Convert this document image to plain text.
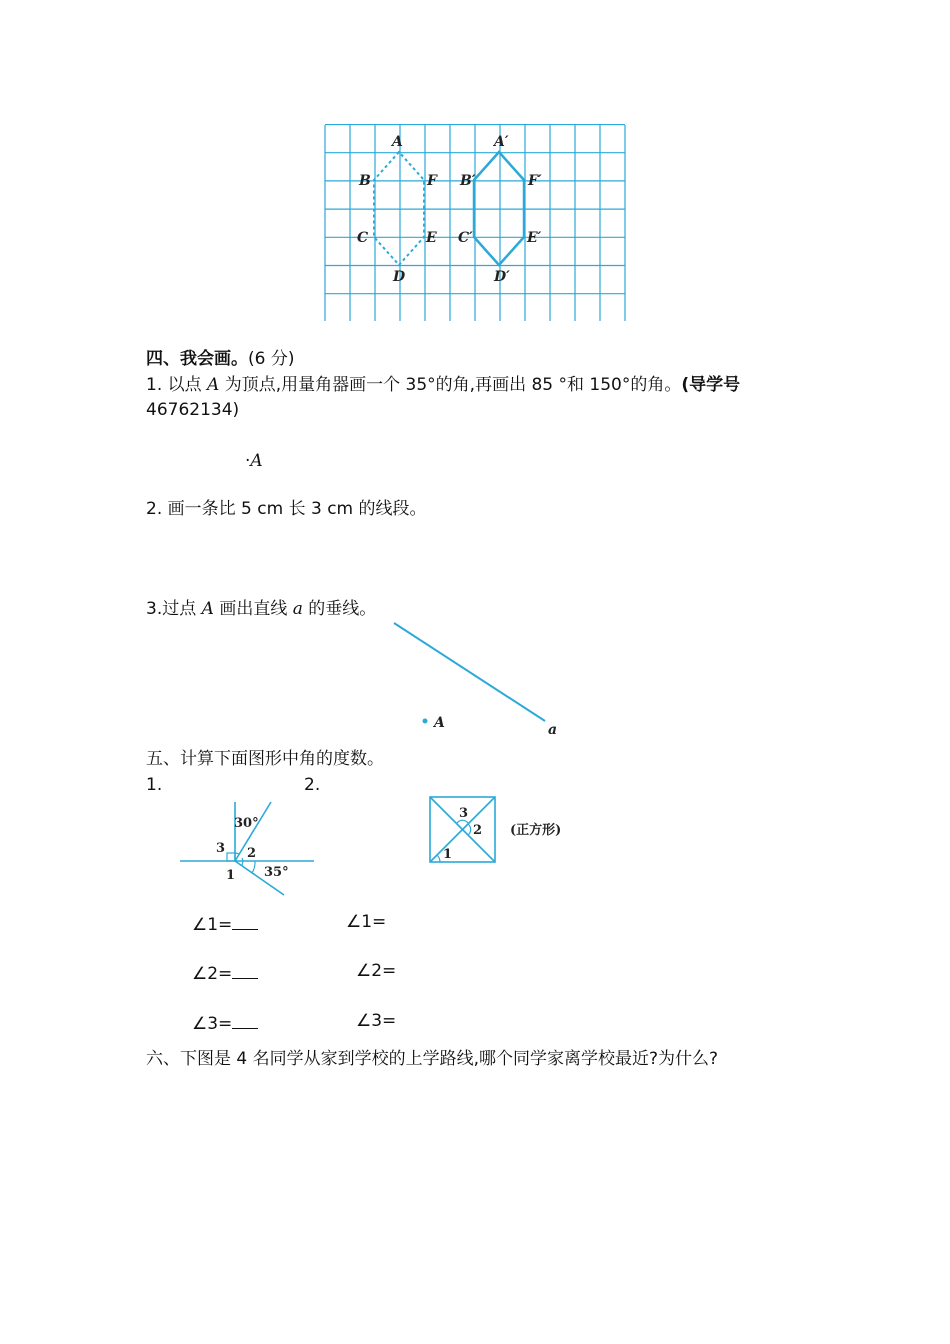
A
B	F
C	E
D
A′
B′	F′
C′	E′
D′
四、我会画。(6 分)
1. 以点 A 为顶点,用量角器画一个 35°的角,再画出 85 °和 150°的角。(导学号
46762134)
·A
2. 画一条比 5 cm 长 3 cm 的线段。
3.过点 A 画出直线 a 的垂线。
A	a
五、计算下面图形中角的度数。
1.	2.
30°
3 2
1 35°
3
2
1
(正方形)
∠1=
∠2=
∠3=
∠1=
∠2=
∠3=
六、下图是 4 名同学从家到学校的上学路线,哪个同学家离学校最近?为什么?
